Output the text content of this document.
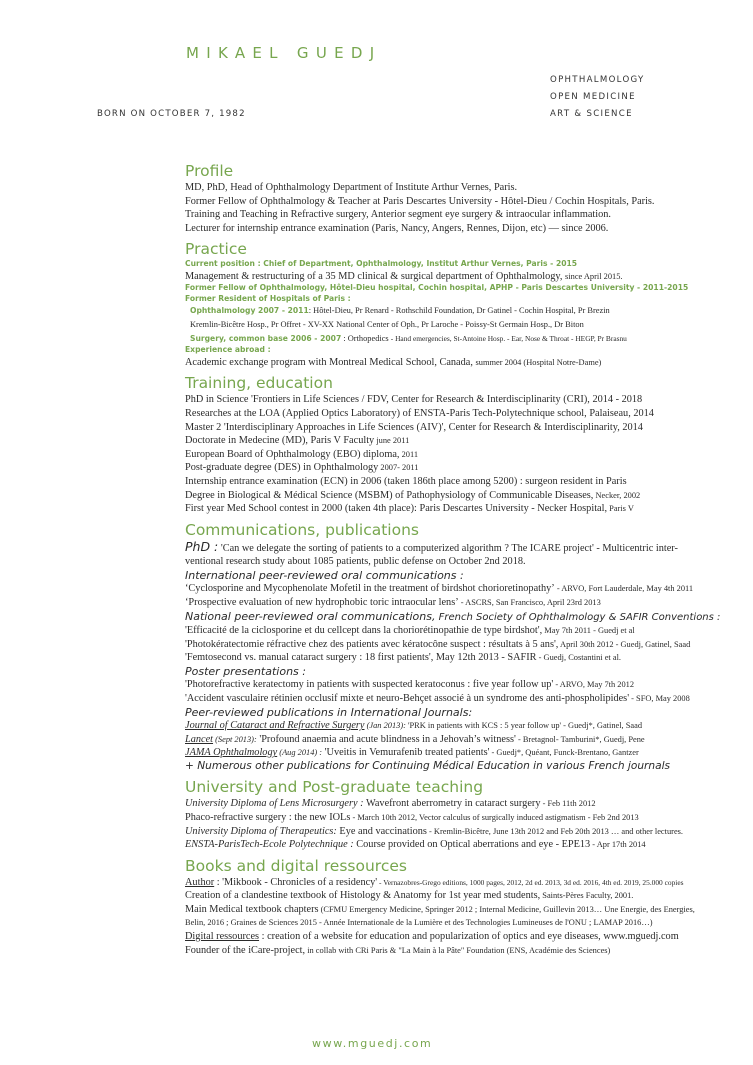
MIKAEL GUEDJ
OPHTHALMOLOGY
OPEN MEDICINE
ART & SCIENCE
BORN ON OCTOBER 7, 1982
Profile
MD, PhD, Head of Ophthalmology Department of Institute Arthur Vernes, Paris.
Former Fellow of Ophthalmology & Teacher at Paris Descartes University - Hôtel-Dieu / Cochin Hospitals, Paris.
Training and Teaching in Refractive surgery, Anterior segment eye surgery & intraocular inflammation.
Lecturer for internship entrance examination (Paris, Nancy, Angers, Rennes, Dijon, etc) — since 2006.
Practice
Current position : Chief of Department, Ophthalmology, Institut Arthur Vernes, Paris - 2015
Management & restructuring of a 35 MD clinical & surgical department of Ophthalmology, since April 2015.
Former Fellow of Ophthalmology, Hôtel-Dieu hospital, Cochin hospital, APHP - Paris Descartes University - 2011-2015
Former Resident of Hospitals of Paris :
Ophthalmology 2007 - 2011: Hôtel-Dieu, Pr Renard - Rothschild Foundation, Dr Gatinel - Cochin Hospital, Pr Brezin
Kremlin-Bicêtre Hosp., Pr Offret - XV-XX National Center of Oph., Pr Laroche - Poissy-St Germain Hosp., Dr Biton
Surgery, common base 2006 - 2007 : Orthopedics - Hand emergencies, St-Antoine Hosp. - Ear, Nose & Throat - HEGP, Pr Brasnu
Experience abroad :
Academic exchange program with Montreal Medical School, Canada, summer 2004 (Hospital Notre-Dame)
Training, education
PhD in Science 'Frontiers in Life Sciences / FDV, Center for Research & Interdisciplinarity (CRI), 2014 - 2018
Researches at the LOA (Applied Optics Laboratory) of ENSTA-Paris Tech-Polytechnique school, Palaiseau, 2014
Master 2 'Interdisciplinary Approaches in Life Sciences (AIV)', Center for Research & Interdisciplinarity, 2014
Doctorate in Medecine (MD), Paris V Faculty june 2011
European Board of Ophthalmology (EBO) diploma, 2011
Post-graduate degree (DES) in Ophthalmology 2007- 2011
Internship entrance examination (ECN) in 2006 (taken 186th place among 5200) : surgeon resident in Paris
Degree in Biological & Médical Science (MSBM) of Pathophysiology of Communicable Diseases, Necker, 2002
First year Med School contest in 2000 (taken 4th place): Paris Descartes University - Necker Hospital, Paris V
Communications, publications
PhD : 'Can we delegate the sorting of patients to a computerized algorithm ? The ICARE project' - Multicentric inter-
ventional research study about 1085 patients, public defense on October 2nd 2018.
International peer-reviewed oral communications :
‘Cyclosporine and Mycophenolate Mofetil in the treatment of birdshot chorioretinopathy’ - ARVO, Fort Lauderdale, May 4th 2011
‘Prospective evaluation of new hydrophobic toric intraocular lens’ - ASCRS, San Francisco, April 23rd 2013
National peer-reviewed oral communications, French Society of Ophthalmology & SAFIR Conventions :
'Efficacité de la ciclosporine et du cellcept dans la choriorétinopathie de type birdshot', May 7th 2011 - Guedj et al
'Photokératectomie réfractive chez des patients avec kératocône suspect : résultats à 5 ans', April 30th 2012 - Guedj, Gatinel, Saad
'Femtosecond vs. manual cataract surgery : 18 first patients', May 12th 2013 - SAFIR - Guedj, Costantini et al.
Poster presentations :
'Photorefractive keratectomy in patients with suspected keratoconus : five year follow up' - ARVO, May 7th 2012
'Accident vasculaire rétinien occlusif mixte et neuro-Behçet associé à un syndrome des anti-phospholipides' - SFO, May 2008
Peer-reviewed publications in International Journals:
Journal of Cataract and Refractive Surgery (Jan 2013): 'PRK in patients with KCS : 5 year follow up' - Guedj*, Gatinel, Saad
Lancet (Sept 2013): 'Profound anaemia and acute blindness in a Jehovah’s witness' - Bretagnol- Tamburini*, Guedj, Pene
JAMA Ophthalmology (Aug 2014) : 'Uveitis in Vemurafenib treated patients' - Guedj*, Quéant, Funck-Brentano, Gantzer
+ Numerous other publications for Continuing Médical Education in various French journals
University and Post-graduate teaching
University Diploma of Lens Microsurgery : Wavefront aberrometry in cataract surgery - Feb 11th 2012
Phaco-refractive surgery : the new IOLs - March 10th 2012, Vector calculus of surgically induced astigmatism - Feb 2nd 2013
University Diploma of Therapeutics: Eye and vaccinations - Kremlin-Bicêtre, June 13th 2012 and Feb 20th 2013 … and other lectures.
ENSTA-ParisTech-Ecole Polytechnique : Course provided on Optical aberrations and eye - EPE13 - Apr 17th 2014
Books and digital ressources
Author : 'Mikbook - Chronicles of a residency' - Vernazobres-Grego editions, 1000 pages, 2012, 2d ed. 2013, 3d ed. 2016, 4th ed. 2019, 25.000 copies
Creation of a clandestine textbook of Histology & Anatomy for 1st year med students, Saints-Pères Faculty, 2001.
Main Medical textbook chapters (CFMU Emergency Medicine, Springer 2012 ; Internal Medicine, Guillevin 2013… Une Energie, des Energies,
Belin, 2016 ; Graines de Sciences 2015 - Année Internationale de la Lumière et des Technologies Lumineuses de l'ONU ; LAMAP 2016…)
Digital ressources : creation of a website for education and popularization of optics and eye diseases, www.mguedj.com
Founder of the iCare-project, in collab with CRi Paris & "La Main à la Pâte" Foundation (ENS, Académie des Sciences)
www.mguedj.com
